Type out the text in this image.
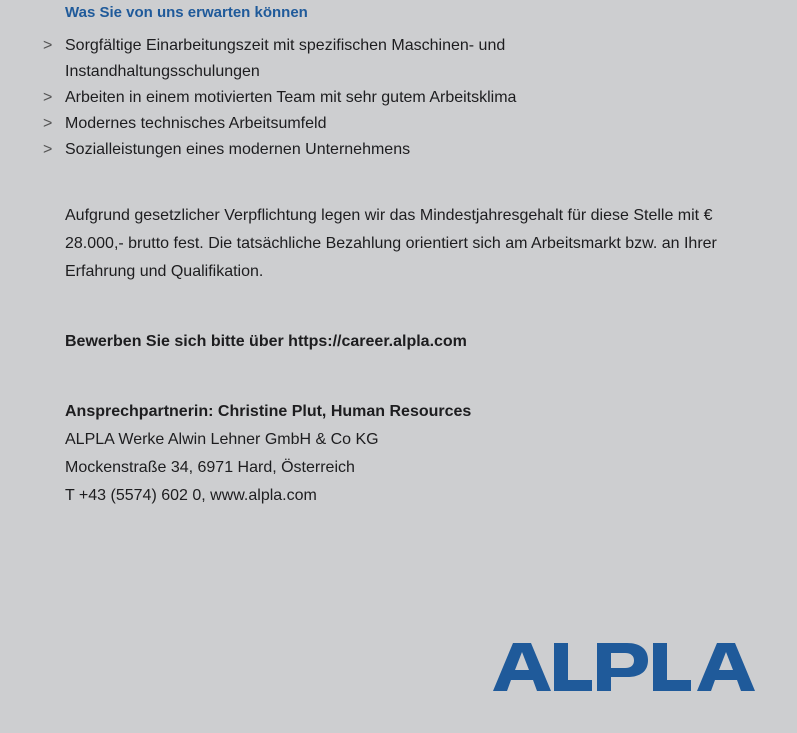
Was Sie von uns erwarten können
> Sorgfältige Einarbeitungszeit mit spezifischen Maschinen- und Instandhaltungsschulungen
> Arbeiten in einem motivierten Team mit sehr gutem Arbeitsklima
> Modernes technisches Arbeitsumfeld
> Sozialleistungen eines modernen Unternehmens

Aufgrund gesetzlicher Verpflichtung legen wir das Mindestjahresgehalt für diese Stelle mit € 28.000,- brutto fest. Die tatsächliche Bezahlung orientiert sich am Arbeitsmarkt bzw. an Ihrer Erfahrung und Qualifikation.

Bewerben Sie sich bitte über https://career.alpla.com

Ansprechpartnerin: Christine Plut, Human Resources
ALPLA Werke Alwin Lehner GmbH & Co KG
Mockenstraße 34, 6971 Hard, Österreich
T +43 (5574) 602 0, www.alpla.com
